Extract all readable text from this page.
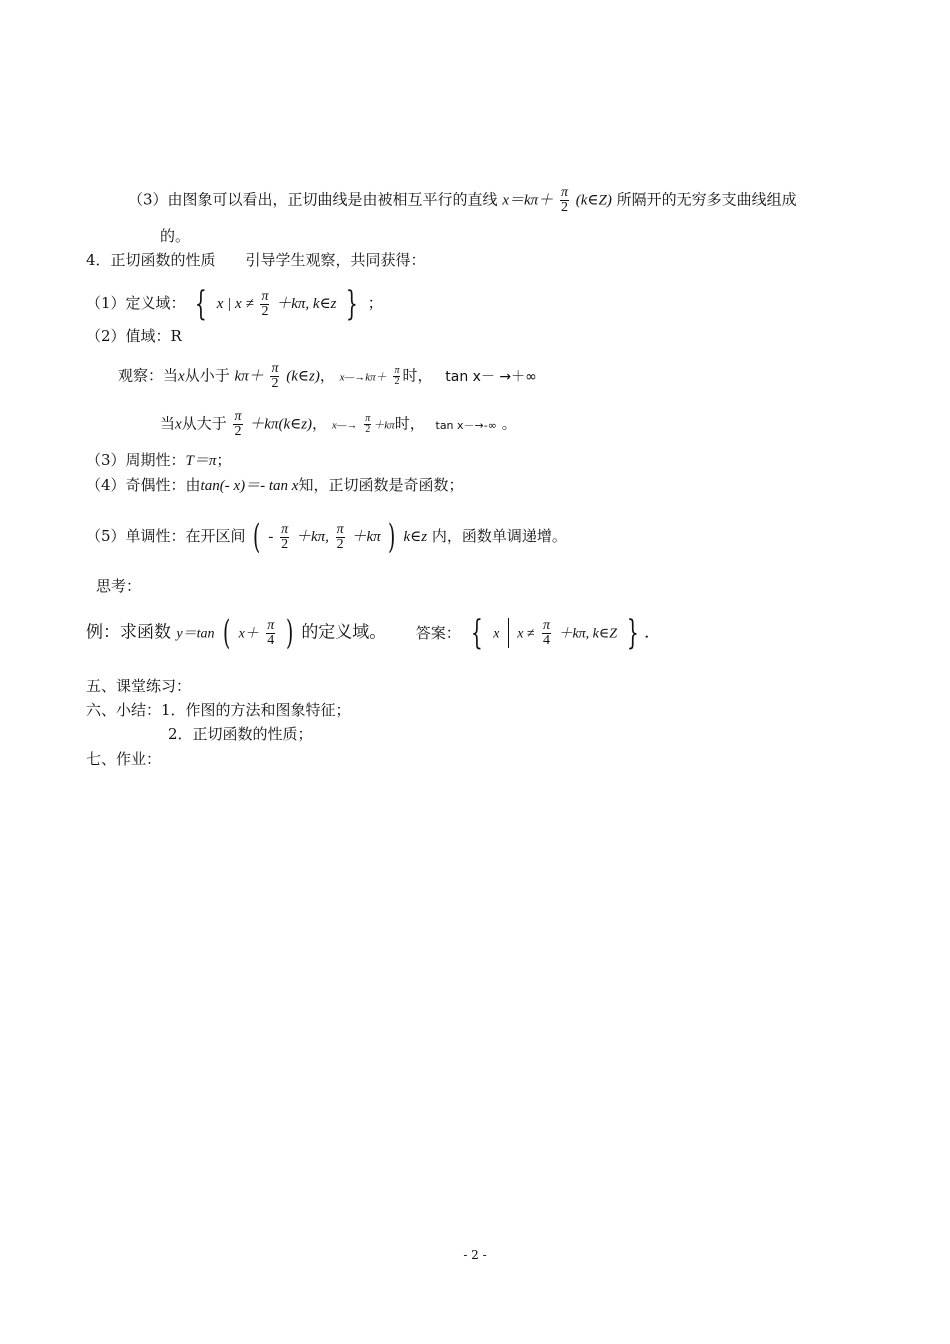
（3）由图象可以看出，正切曲线是由被相互平行的直线 $x=k\pi+ \frac{\pi}{2}$ (k∈Z) 所隔开的无穷多支曲线组成
的。
4．正切函数的性质　　引导学生观察，共同获得：
（1）定义域： { x | $x \ne \frac{\pi}{2} +k\pi$, k∈z } ；
（2）值域：R
观察：当x从小于 $k\pi+ \frac{\pi}{2}$ (k∈z)， x—→kπ＋ $\frac{\pi}{2}$ 时， tan x－ →＋∞
当x从大于 $\frac{\pi}{2}$ ＋kπ(k∈z)， x—→ $\frac{\pi}{2} +k\pi$时， tan x－→-∞ 。
（3）周期性：T＝π；
（4）奇偶性：由tan(- x)＝- tan x知，正切函数是奇函数；
（5）单调性：在开区间 ( - $\frac{\pi}{2} +k\pi$, $\frac{\pi}{2} +k\pi$ ) k∈z 内，函数单调递增。
思考：
例：求函数 y＝tan ( $x+ \frac{\pi}{4}$ ) 的定义域。 答案： { x $x \ne \frac{\pi}{4} +k\pi$, k∈Z } ．
五、课堂练习：
六、小结：1．作图的方法和图象特征；
2．正切函数的性质；
七、作业：
- 2 -
